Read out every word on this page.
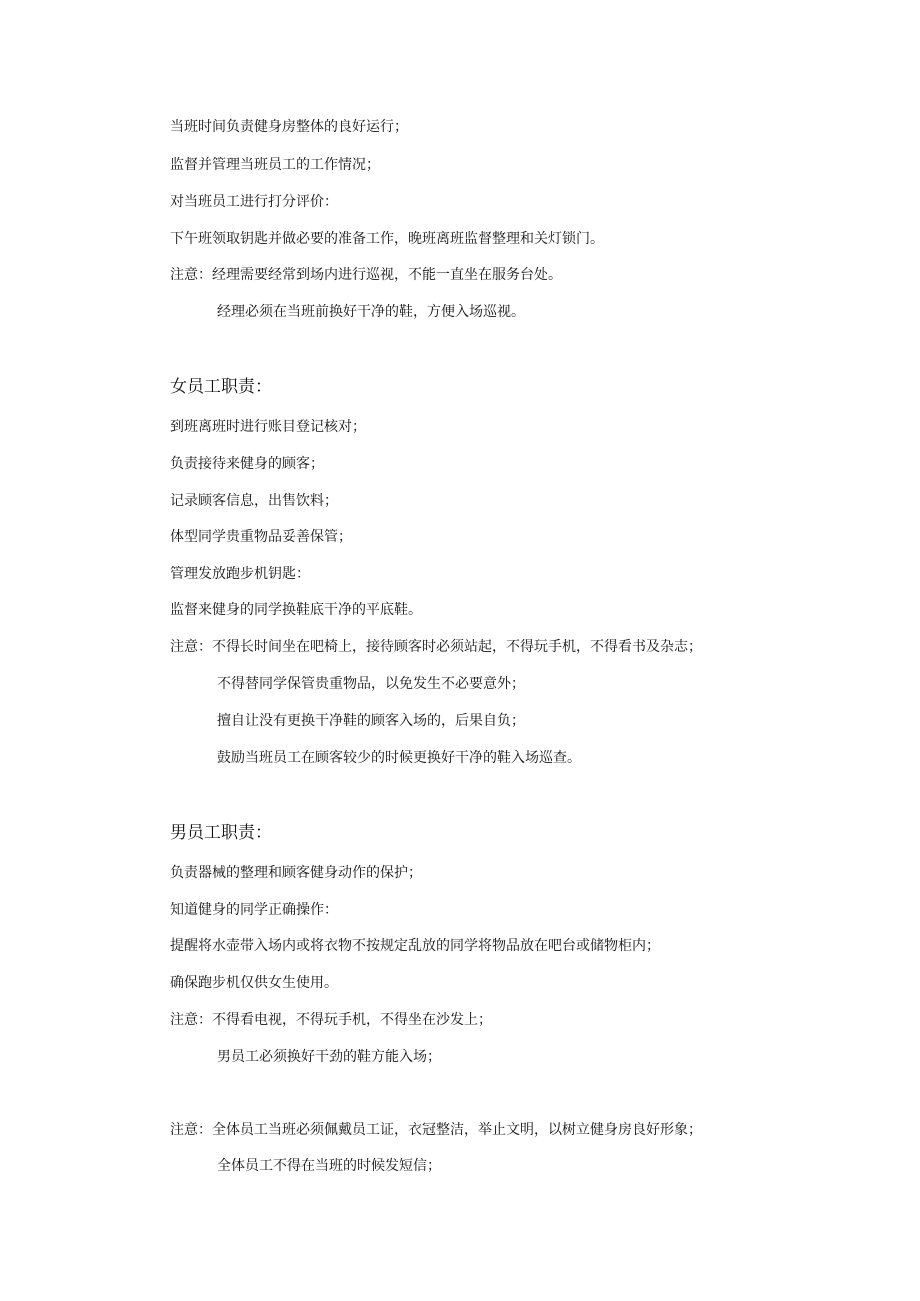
当班时间负责健身房整体的良好运行；
监督并管理当班员工的工作情况；
对当班员工进行打分评价：
下午班领取钥匙并做必要的准备工作，晚班离班监督整理和关灯锁门。
注意：经理需要经常到场内进行巡视，不能一直坐在服务台处。
经理必须在当班前换好干净的鞋，方便入场巡视。
女员工职责：
到班离班时进行账目登记核对；
负责接待来健身的顾客；
记录顾客信息，出售饮料；
体型同学贵重物品妥善保管；
管理发放跑步机钥匙：
监督来健身的同学换鞋底干净的平底鞋。
注意：不得长时间坐在吧椅上，接待顾客时必须站起，不得玩手机，不得看书及杂志；
不得替同学保管贵重物品，以免发生不必要意外；
擅自让没有更换干净鞋的顾客入场的，后果自负；
鼓励当班员工在顾客较少的时候更换好干净的鞋入场巡查。
男员工职责：
负责器械的整理和顾客健身动作的保护；
知道健身的同学正确操作：
提醒将水壶带入场内或将衣物不按规定乱放的同学将物品放在吧台或储物柜内；
确保跑步机仅供女生使用。
注意：不得看电视，不得玩手机，不得坐在沙发上；
男员工必须换好干劲的鞋方能入场；
注意：全体员工当班必须佩戴员工证，衣冠整洁，举止文明，以树立健身房良好形象；
全体员工不得在当班的时候发短信；
